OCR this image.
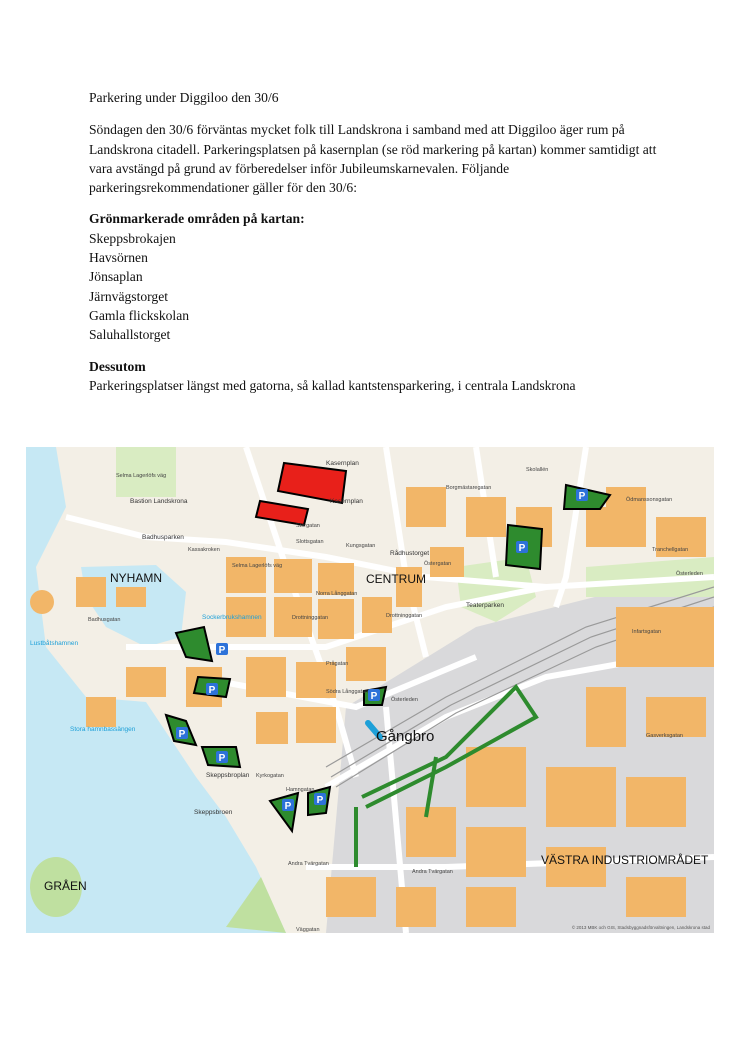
Parkering under Diggiloo den 30/6

Söndagen den 30/6 förväntas mycket folk till Landskrona i samband med att Diggiloo äger rum på Landskrona citadell. Parkeringsplatsen på kasernplan (se röd markering på kartan) kommer samtidigt att vara avstängd på grund av förberedelser inför Jubileumskarnevalen. Följande parkeringsrekommendationer gäller för den 30/6:

Grönmarkerade områden på kartan:

Skeppsbrokajen
Havsörnen
Jönsaplan
Järnvägstorget
Gamla flickskolan
Saluhallstorget

Dessutom

Parkeringsplatser längst med gatorna, så kallad kantstensparkering, i centrala Landskrona

P
P
P
P
P
P
P
P
P
NYHAMN	CENTRUM
VÄSTRA INDUSTRIOMRÅDET
GRÅEN
Gångbro
Bastion Landskrona
Badhusparken
Kasernplan
Kasernplan
Rådhustorget
Teaterparken
Sockerbrukshamnen
Lustbåtshamnen
Stora hamnbassängen
Skeppsbroplan
Skeppsbroen
Selma Lagerlöfs väg
Selma Lagerlöfs väg
Storgatan
Norra Långgatan
Drottninggatan	Drottninggatan
Prågatan
Södra Långgatan
Infartsgatan
Österleden
Östergatan
Tranchellgatan
Andra Tvärgatan
Andra Tvärgatan
Kassakroken
Badhusgatan
Ödmanssonsgatan
Borgmästaregatan
Skolallén
Hamngatan
Gasverksgatan
Väggatan
Kungsgatan
Österleden
Kyrkogatan
Slottsgatan
© 2013 MBK och GIS, Stadsbyggnadsförvaltningen, Landskrona stad
